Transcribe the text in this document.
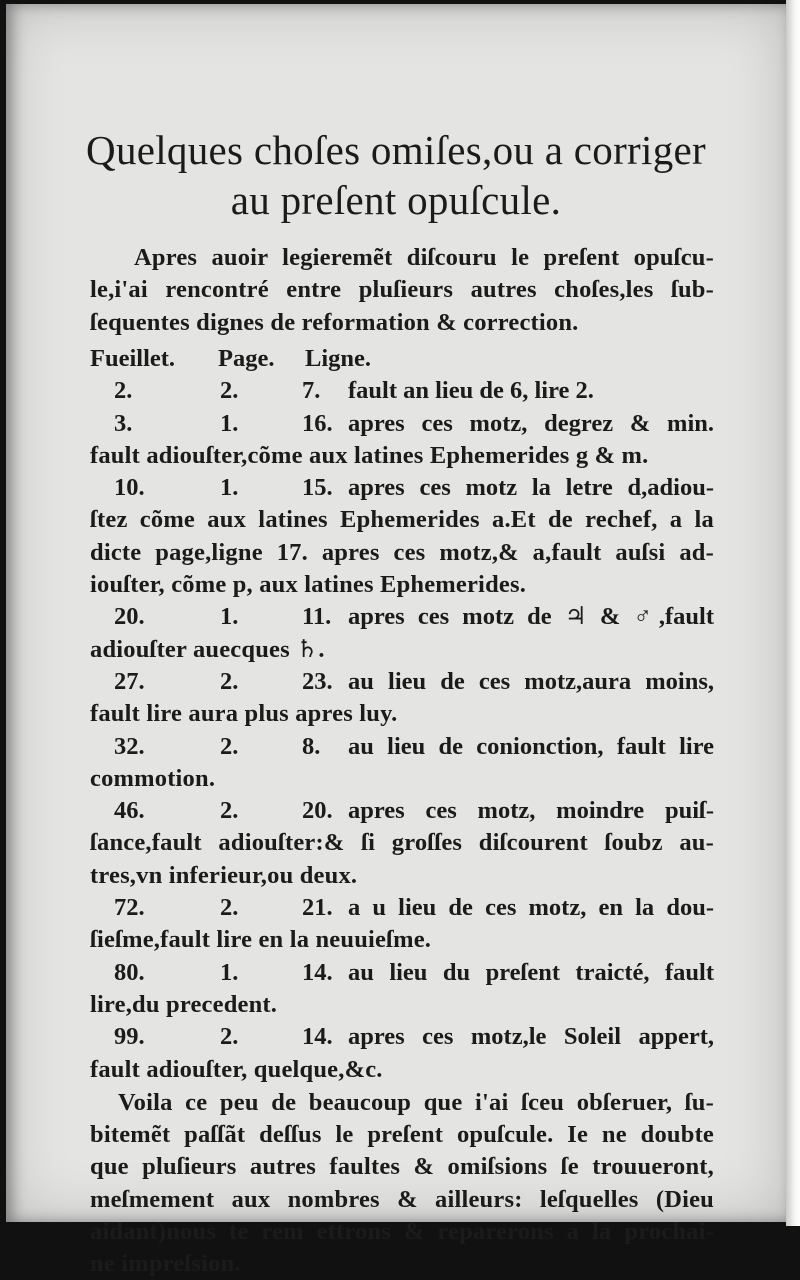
Quelques choſes omiſes,ou a corriger
au preſent opuſcule.
Apres auoir legieremẽt diſcouru le preſent opuſcu-
le,i'ai rencontré entre pluſieurs autres choſes,les ſub-
ſequentes dignes de reformation & correction.
Fueillet. Page. Ligne.
2.	2.	7. fault an lieu de 6, lire 2.
3.	1.	16. apres ces motz, degrez & min.
fault adiouſter,cõme aux latines Ephemerides g & m.
10.	1.	15. apres ces motz la letre d,adiou-
ſtez cõme aux latines Ephemerides a.Et de rechef, a la
dicte page,ligne 17. apres ces motz,& a,fault auſsi ad-
iouſter, cõme p, aux latines Ephemerides.
20.	1.	11. apres ces motz de ♃ & ♂,fault
adiouſter auecques ♄.
27.	2.	23. au lieu de ces motz,aura moins,
fault lire aura plus apres luy.
32.	2.	8. au lieu de conionction, fault lire
commotion.
46.	2.	20. apres ces motz, moindre puiſ-
ſance,fault adiouſter:& ſi groſſes diſcourent ſoubz au-
tres,vn inferieur,ou deux.
72.	2.	21. a u lieu de ces motz, en la dou-
ſieſme,fault lire en la neuuieſme.
80.	1.	14. au lieu du preſent traicté, fault
lire,du precedent.
99.	2.	14. apres ces motz,le Soleil appert,
fault adiouſter, quelque,&c.
Voila ce peu de beaucoup que i'ai ſceu obſeruer, ſu-
bitemẽt paſſãt deſſus le preſent opuſcule. Ie ne doubte
que pluſieurs autres faultes & omiſsions ſe trouueront,
meſmement aux nombres & ailleurs: leſquelles (Dieu
aidant)nous te rem ettrons & reparerons a la prochai-
ne impreſsion.
